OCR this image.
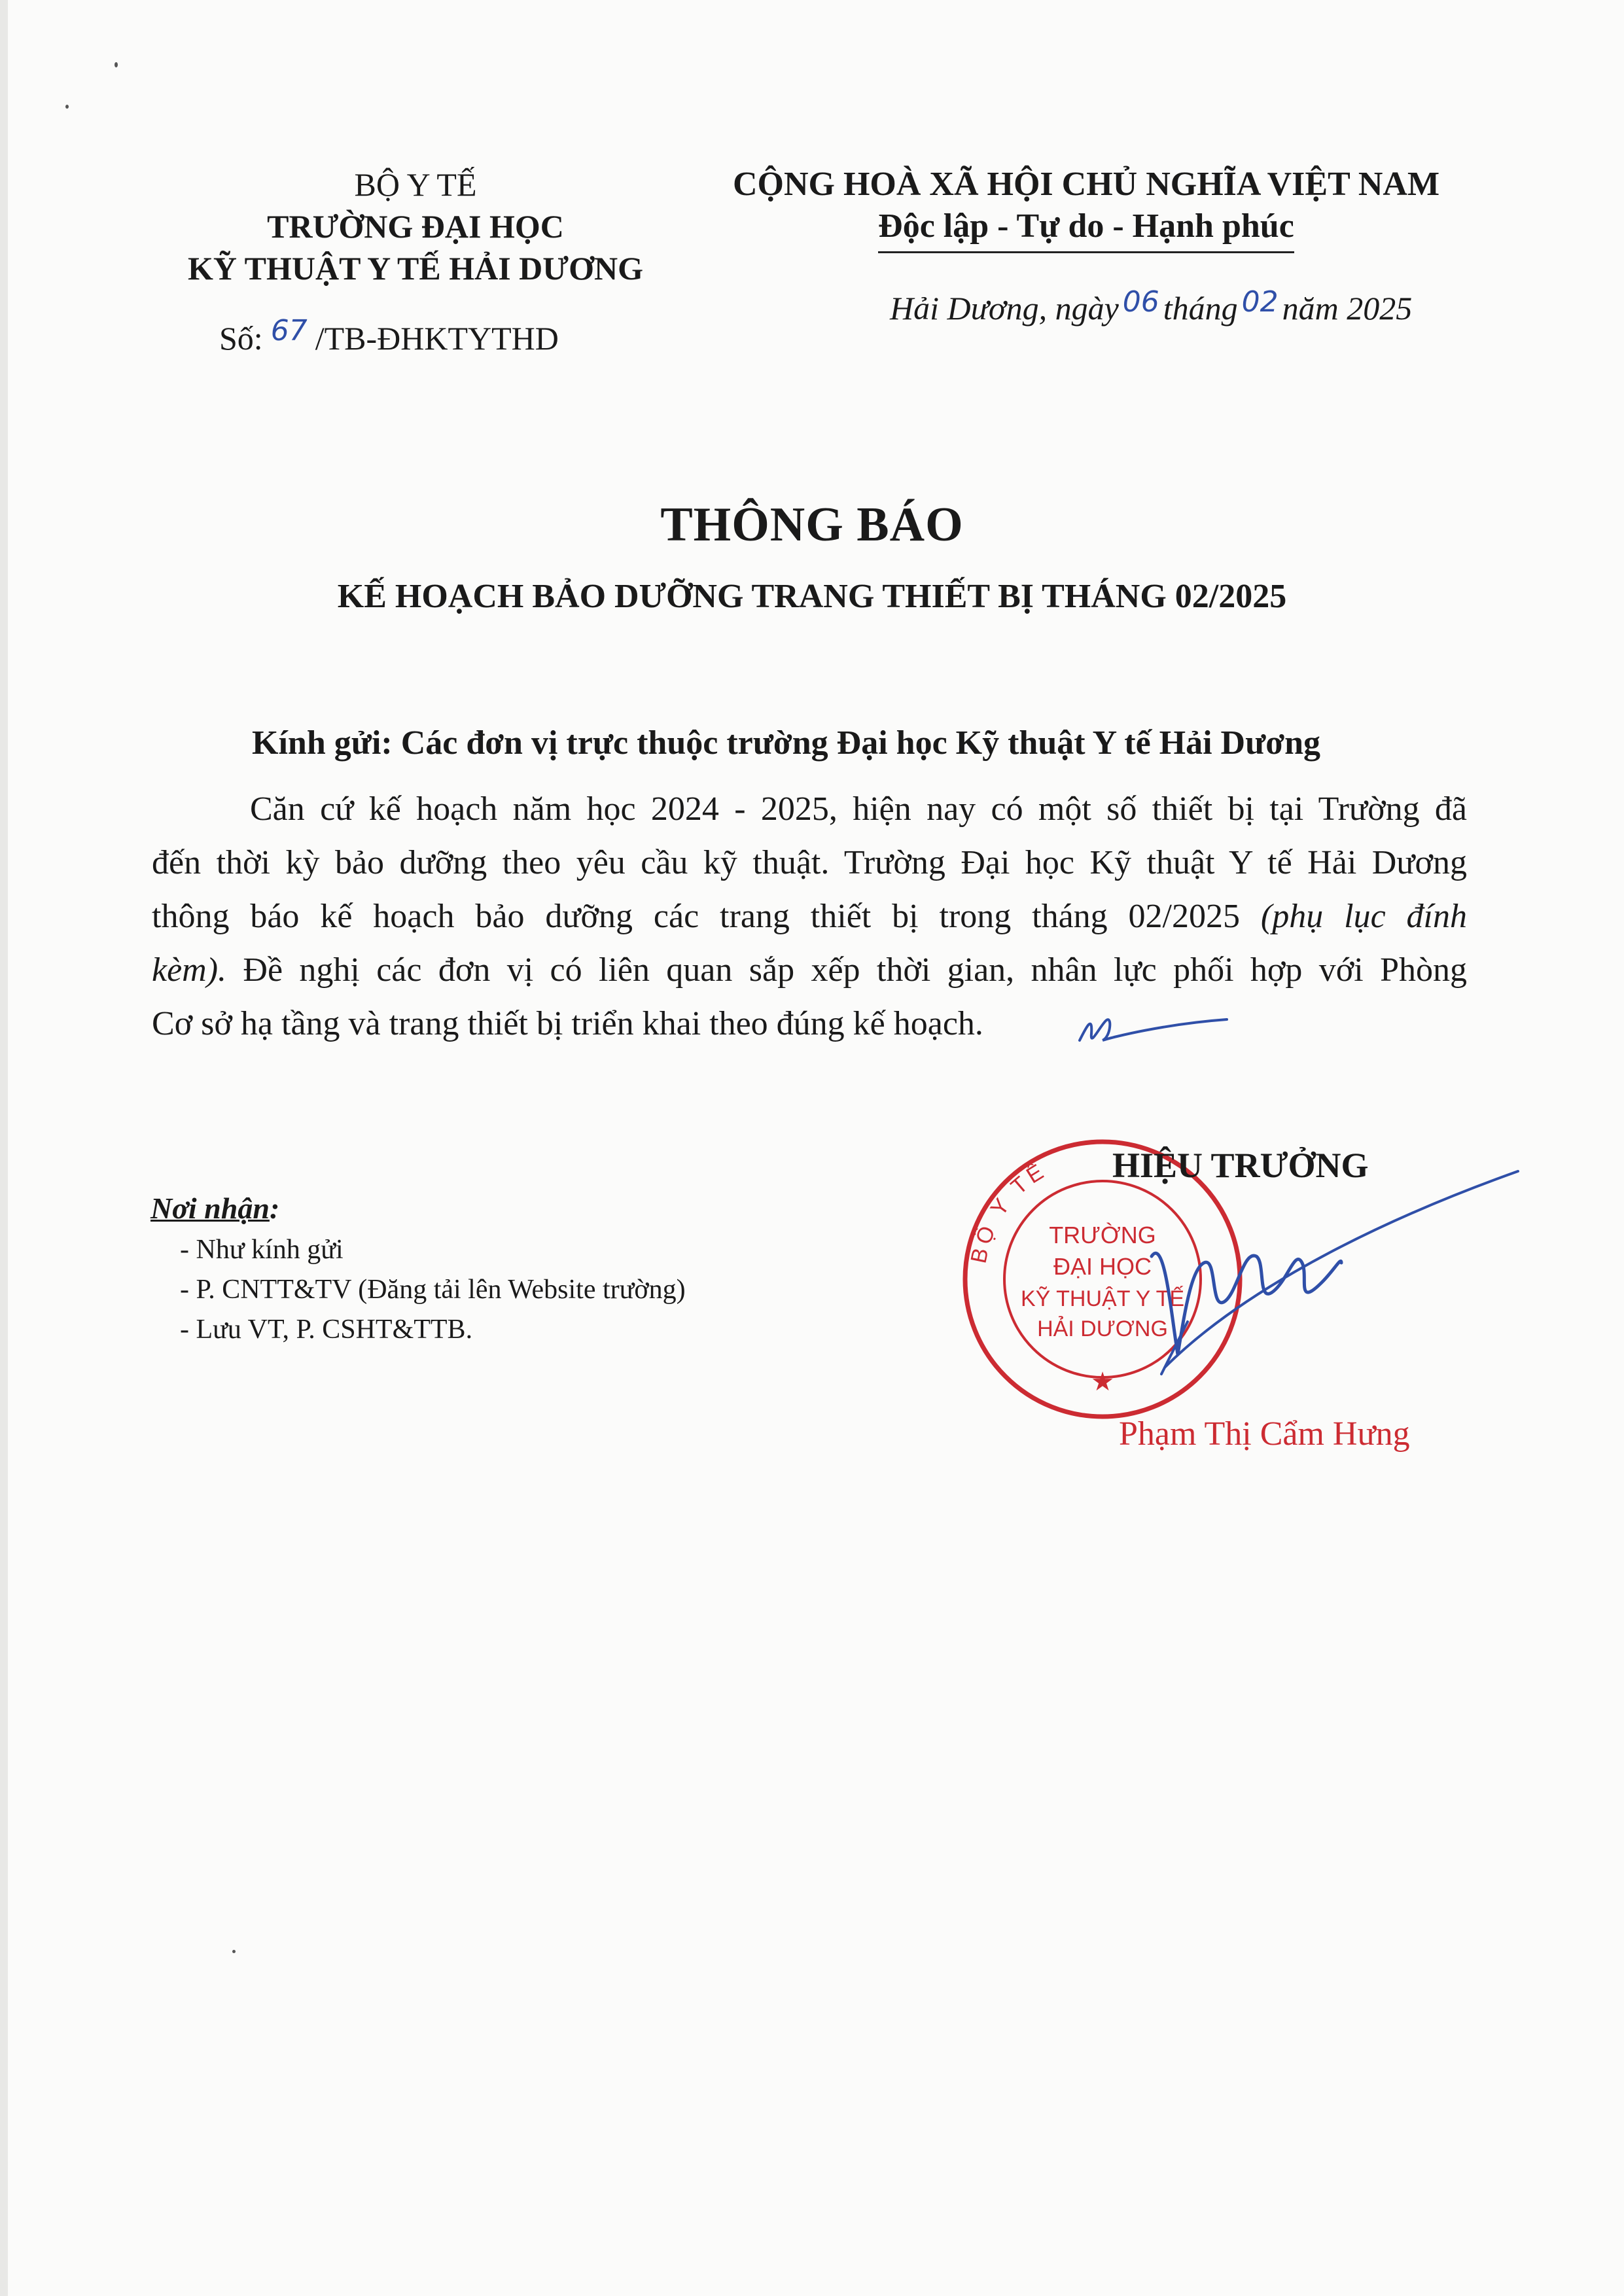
BỘ Y TẾ
TRƯỜNG ĐẠI HỌC
KỸ THUẬT Y TẾ HẢI DƯƠNG
Số: 67 /TB-ĐHKTYTHD
CỘNG HOÀ XÃ HỘI CHỦ NGHĨA VIỆT NAM
Độc lập - Tự do - Hạnh phúc
Hải Dương, ngày 06 tháng 02 năm 2025
THÔNG BÁO
KẾ HOẠCH BẢO DƯỠNG TRANG THIẾT BỊ THÁNG 02/2025
Kính gửi: Các đơn vị trực thuộc trường Đại học Kỹ thuật Y tế Hải Dương
Căn cứ kế hoạch năm học 2024 - 2025, hiện nay có một số thiết bị tại Trường đã
đến thời kỳ bảo dưỡng theo yêu cầu kỹ thuật. Trường Đại học Kỹ thuật Y tế Hải Dương
thông báo kế hoạch bảo dưỡng các trang thiết bị trong tháng 02/2025 (phụ lục đính
kèm). Đề nghị các đơn vị có liên quan sắp xếp thời gian, nhân lực phối hợp với Phòng
Cơ sở hạ tầng và trang thiết bị triển khai theo đúng kế hoạch.
Nơi nhận:
- Như kính gửi
- P. CNTT&TV (Đăng tải lên Website trường)
- Lưu VT, P. CSHT&TTB.
BỘ Y TẾ
TRƯỜNG
ĐẠI HỌC
KỸ THUẬT Y TẾ
HẢI DƯƠNG
★
HIỆU TRƯỞNG
Phạm Thị Cẩm Hưng
